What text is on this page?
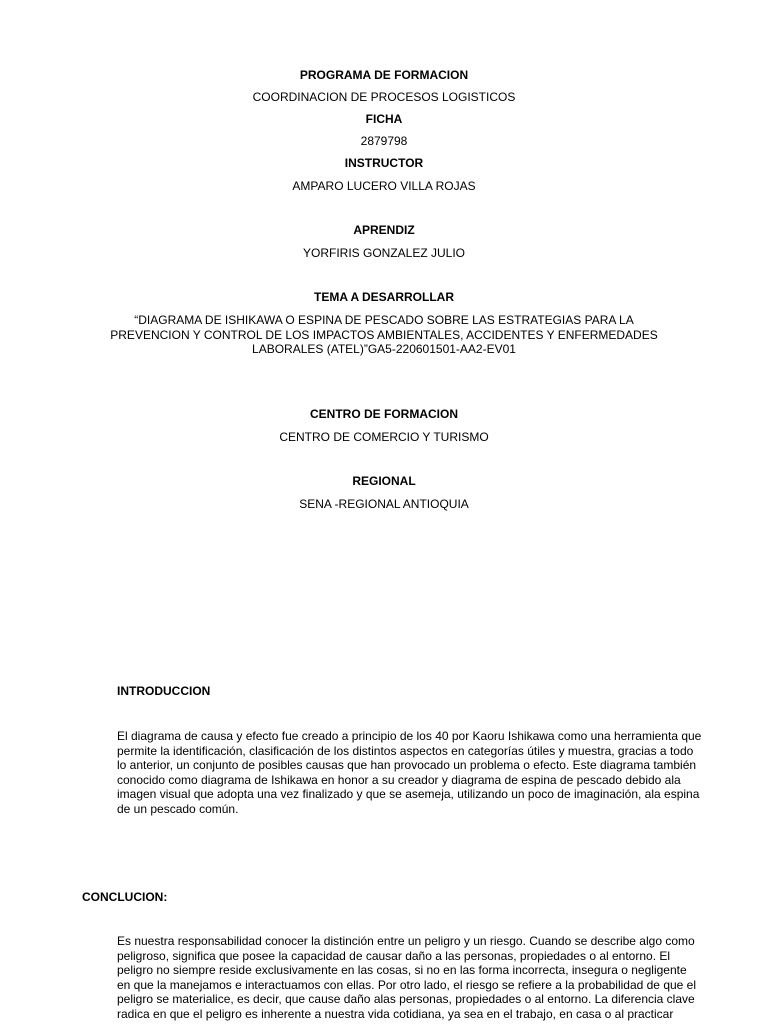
PROGRAMA DE FORMACION
COORDINACION DE PROCESOS LOGISTICOS
FICHA
2879798
INSTRUCTOR
AMPARO LUCERO VILLA ROJAS
APRENDIZ
YORFIRIS GONZALEZ JULIO
TEMA A DESARROLLAR
“DIAGRAMA DE ISHIKAWA O ESPINA DE PESCADO SOBRE LAS ESTRATEGIAS PARA LA
PREVENCION Y CONTROL DE LOS IMPACTOS AMBIENTALES, ACCIDENTES Y ENFERMEDADES
LABORALES (ATEL)”GA5-220601501-AA2-EV01
CENTRO DE FORMACION
CENTRO DE COMERCIO Y TURISMO
REGIONAL
SENA -REGIONAL ANTIOQUIA
INTRODUCCION
El diagrama de causa y efecto fue creado a principio de los 40 por Kaoru Ishikawa como una herramienta que
permite la identificación, clasificación de los distintos aspectos en categorías útiles y muestra, gracias a todo
lo anterior, un conjunto de posibles causas que han provocado un problema o efecto. Este diagrama también
conocido como diagrama de Ishikawa en honor a su creador y diagrama de espina de pescado debido ala
imagen visual que adopta una vez finalizado y que se asemeja, utilizando un poco de imaginación, ala espina
de un pescado común.
CONCLUCION:
Es nuestra responsabilidad conocer la distinción entre un peligro y un riesgo. Cuando se describe algo como
peligroso, significa que posee la capacidad de causar daño a las personas, propiedades o al entorno. El
peligro no siempre reside exclusivamente en las cosas, si no en las forma incorrecta, insegura o negligente
en que la manejamos e interactuamos con ellas. Por otro lado, el riesgo se refiere a la probabilidad de que el
peligro se materialice, es decir, que cause daño alas personas, propiedades o al entorno. La diferencia clave
radica en que el peligro es inherente a nuestra vida cotidiana, ya sea en el trabajo, en casa o al practicar
